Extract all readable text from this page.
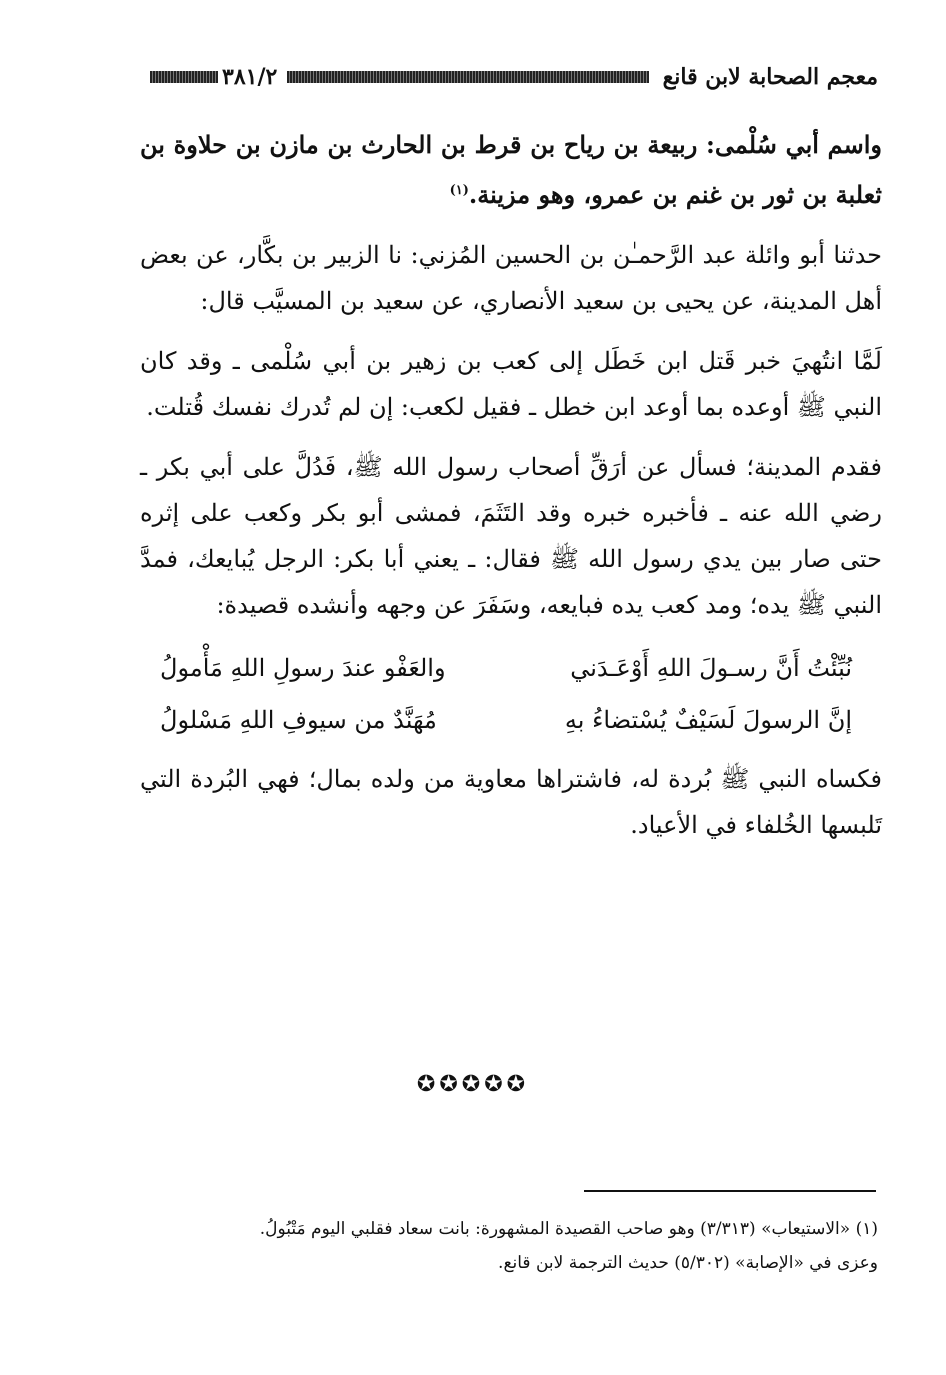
معجم الصحابة لابن قانع
٣٨١/٢

واسم أبي سُلْمى: ربيعة بن رياح بن قرط بن الحارث بن مازن بن حلاوة بن ثعلبة بن ثور بن غنم بن عمرو، وهو مزينة.$^{(١)}$

حدثنا أبو وائلة عبد الرَّحمـٰن بن الحسين المُزني: نا الزبير بن بكَّار، عن بعض أهل المدينة، عن يحيى بن سعيد الأنصاري، عن سعيد بن المسيَّب قال:

لَمَّا انتُهيَ خبر قَتل ابن خَطَل إلى كعب بن زهير بن أبي سُلْمى ـ وقد كان النبي ﷺ أوعده بما أوعد ابن خطل ـ فقيل لكعب: إن لم تُدرك نفسك قُتلت.

فقدم المدينة؛ فسأل عن أرَقِّ أصحاب رسول الله ﷺ، فَدُلَّ على أبي بكر ـ رضي الله عنه ـ فأخبره خبره وقد التَثَمَ، فمشى أبو بكر وكعب على إثره حتى صار بين يدي رسول الله ﷺ فقال: ـ يعني أبا بكر: الرجل يُبايعك، فمدَّ النبي ﷺ يده؛ ومد كعب يده فبايعه، وسَفَرَ عن وجهه وأنشده قصيدة:

نُبِّئْتُ أَنَّ رسـولَ اللهِ أَوْعَـدَني
والعَفْو عندَ رسولِ اللهِ مَأْمولُ
إنَّ الرسولَ لَسَيْفٌ يُسْتضاءُ بهِ
مُهَنَّدٌ من سيوفِ اللهِ مَسْلولُ

فكساه النبي ﷺ بُردة له، فاشتراها معاوية من ولده بمال؛ فهي البُردة التي تَلبسها الخُلفاء في الأعياد.

✪✪✪✪✪
(١) «الاستيعاب» (٣/٣١٣) وهو صاحب القصيدة المشهورة: بانت سعاد فقلبي اليوم مَتْبُولُ.
وعزى في «الإصابة» (٥/٣٠٢) حديث الترجمة لابن قانع.
